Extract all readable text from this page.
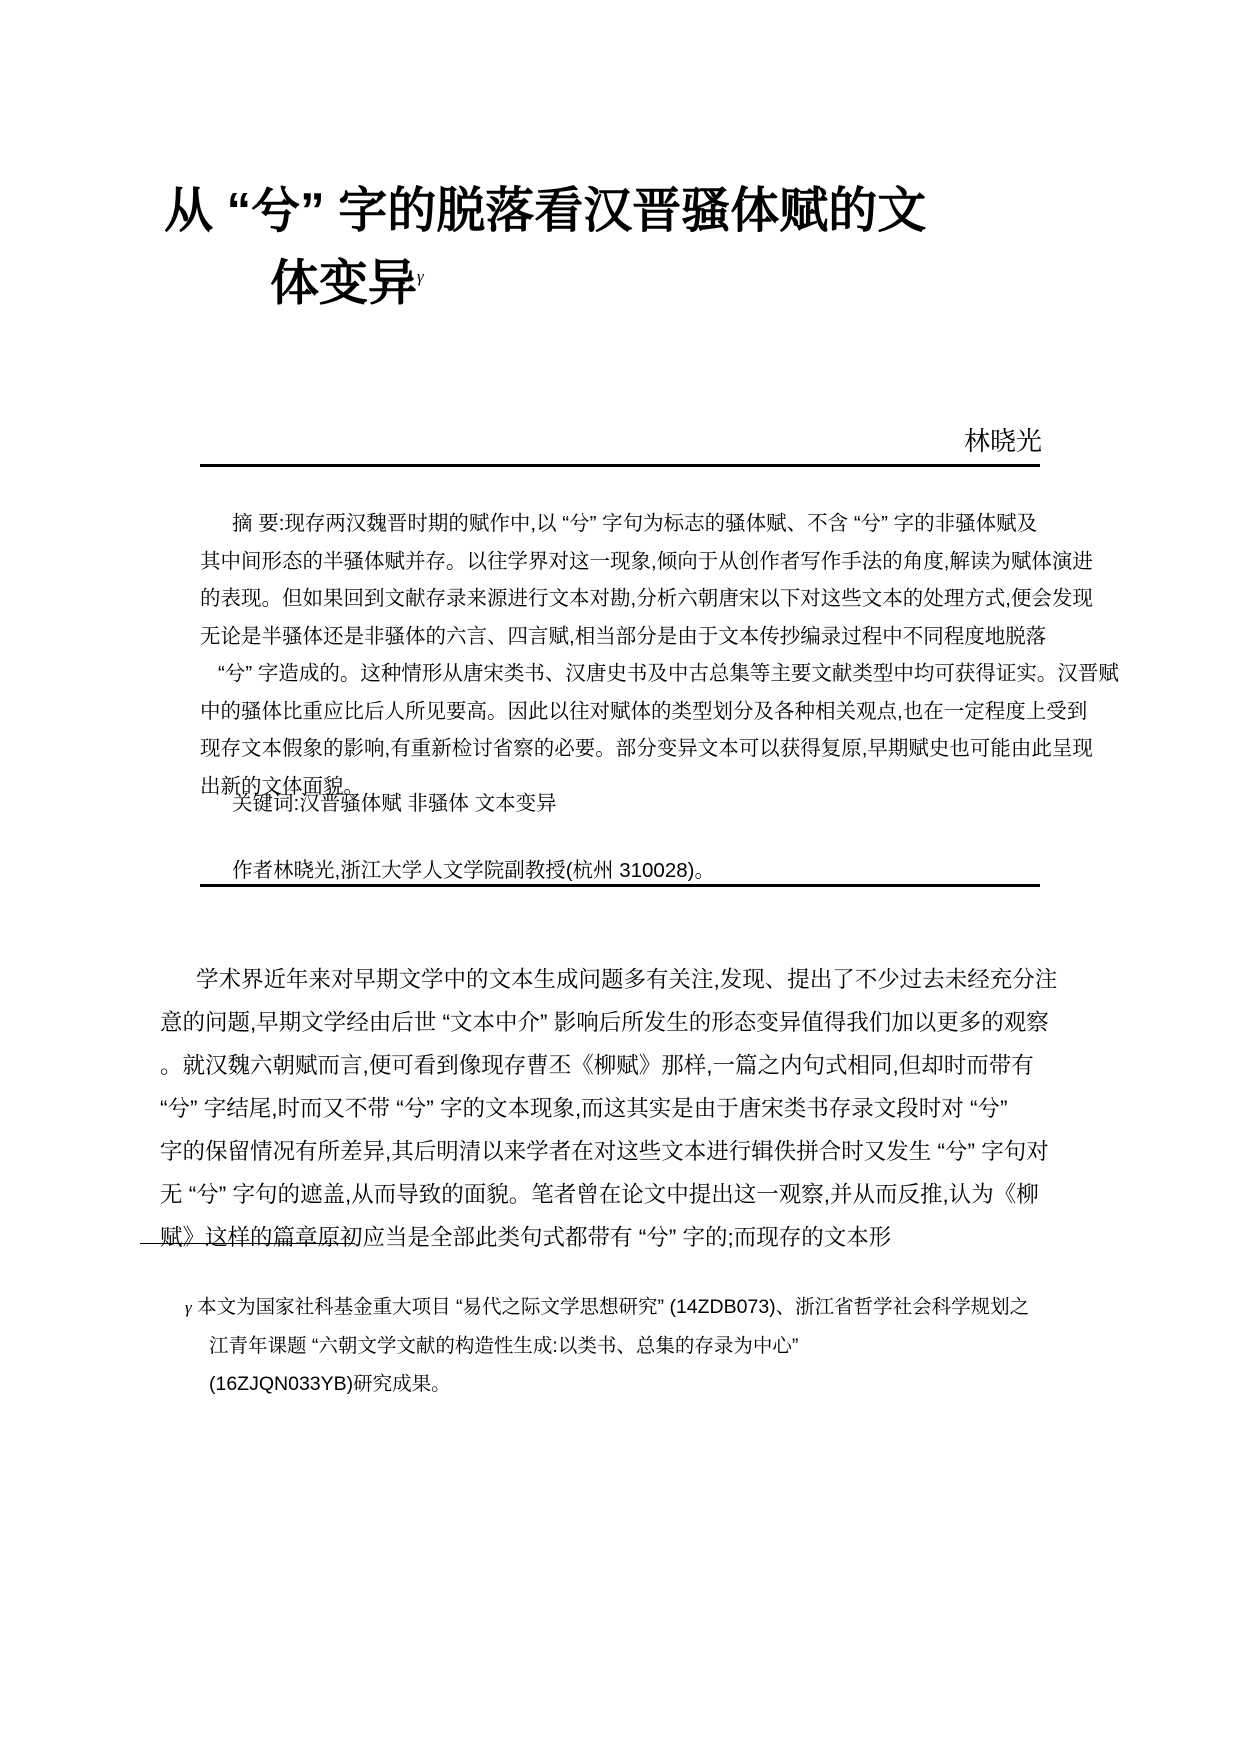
从 “兮” 字的脱落看汉晋骚体赋的文
体变异$^\gamma$
林晓光
摘 要:现存两汉魏晋时期的赋作中,以 “兮” 字句为标志的骚体赋、不含 “兮” 字的非骚体赋及
其中间形态的半骚体赋并存。以往学界对这一现象,倾向于从创作者写作手法的角度,解读为赋体演进
的表现。但如果回到文献存录来源进行文本对勘,分析六朝唐宋以下对这些文本的处理方式,便会发现
无论是半骚体还是非骚体的六言、四言赋,相当部分是由于文本传抄编录过程中不同程度地脱落
“兮” 字造成的。这种情形从唐宋类书、汉唐史书及中古总集等主要文献类型中均可获得证实。汉晋赋
中的骚体比重应比后人所见要高。因此以往对赋体的类型划分及各种相关观点,也在一定程度上受到
现存文本假象的影响,有重新检讨省察的必要。部分变异文本可以获得复原,早期赋史也可能由此呈现
出新的文体面貌。
关键词:汉晋骚体赋 非骚体 文本变异
作者林晓光,浙江大学人文学院副教授(杭州 310028)。
学术界近年来对早期文学中的文本生成问题多有关注,发现、提出了不少过去未经充分注
意的问题,早期文学经由后世 “文本中介” 影响后所发生的形态变异值得我们加以更多的观察
。就汉魏六朝赋而言,便可看到像现存曹丕《柳赋》那样,一篇之内句式相同,但却时而带有
“兮” 字结尾,时而又不带 “兮” 字的文本现象,而这其实是由于唐宋类书存录文段时对 “兮”
字的保留情况有所差异,其后明清以来学者在对这些文本进行辑佚拼合时又发生 “兮” 字句对
无 “兮” 字句的遮盖,从而导致的面貌。笔者曾在论文中提出这一观察,并从而反推,认为《柳
赋》这样的篇章原初应当是全部此类句式都带有 “兮” 字的;而现存的文本形
γ 本文为国家社科基金重大项目 “易代之际文学思想研究” (14ZDB073)、浙江省哲学社会科学规划之
江青年课题 “六朝文学文献的构造性生成:以类书、总集的存录为中心”
(16ZJQN033YB)研究成果。
